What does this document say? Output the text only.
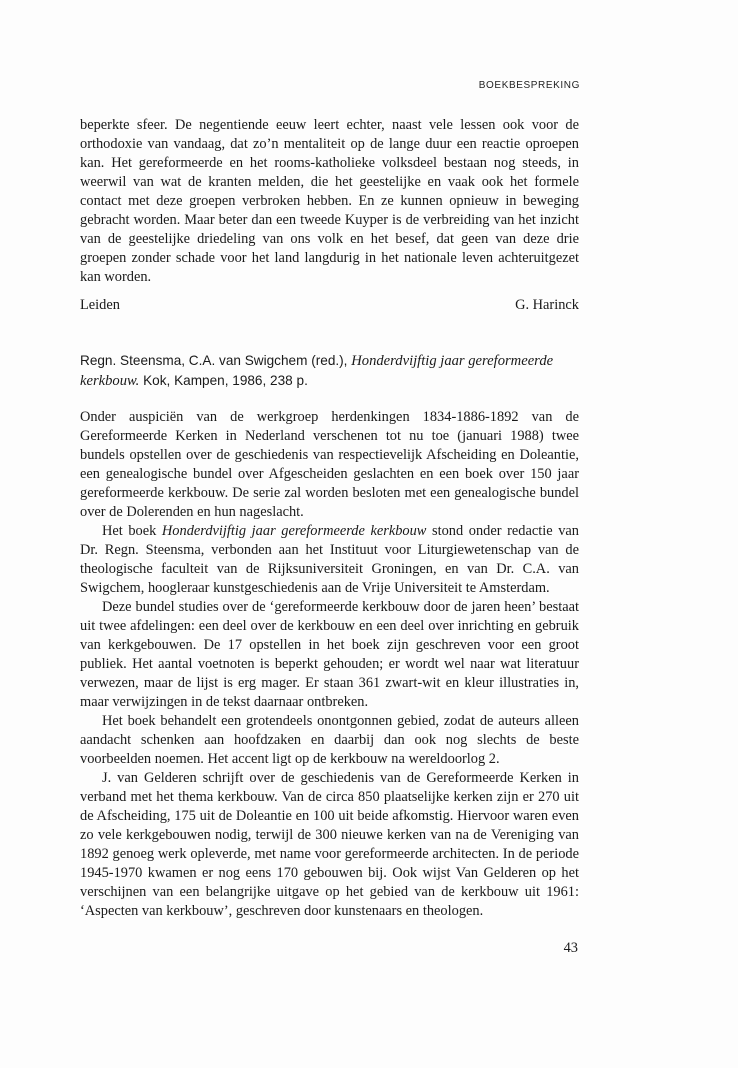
BOEKBESPREKING

beperkte sfeer. De negentiende eeuw leert echter, naast vele lessen ook voor de orthodoxie van vandaag, dat zo’n mentaliteit op de lange duur een reactie oproepen kan. Het gereformeerde en het rooms-katholieke volksdeel bestaan nog steeds, in weerwil van wat de kranten melden, die het geestelijke en vaak ook het formele contact met deze groepen verbroken hebben. En ze kunnen opnieuw in beweging gebracht worden. Maar beter dan een tweede Kuyper is de verbreiding van het inzicht van de geestelijke driedeling van ons volk en het besef, dat geen van deze drie groepen zonder schade voor het land langdurig in het nationale leven achteruitgezet kan worden.

Leiden	G. Harinck
Regn. Steensma, C.A. van Swigchem (red.), Honderdvijftig jaar gereformeerde kerkbouw. Kok, Kampen, 1986, 238 p.

Onder auspiciën van de werkgroep herdenkingen 1834-1886-1892 van de Gereformeerde Kerken in Nederland verschenen tot nu toe (januari 1988) twee bundels opstellen over de geschiedenis van respectievelijk Afscheiding en Doleantie, een genealogische bundel over Afgescheiden geslachten en een boek over 150 jaar gereformeerde kerkbouw. De serie zal worden besloten met een genealogische bundel over de Dolerenden en hun nageslacht.

Het boek Honderdvijftig jaar gereformeerde kerkbouw stond onder redactie van Dr. Regn. Steensma, verbonden aan het Instituut voor Liturgiewetenschap van de theologische faculteit van de Rijksuniversiteit Groningen, en van Dr. C.A. van Swigchem, hoogleraar kunstgeschiedenis aan de Vrije Universiteit te Amsterdam.

Deze bundel studies over de ‘gereformeerde kerkbouw door de jaren heen’ bestaat uit twee afdelingen: een deel over de kerkbouw en een deel over inrichting en gebruik van kerkgebouwen. De 17 opstellen in het boek zijn geschreven voor een groot publiek. Het aantal voetnoten is beperkt gehouden; er wordt wel naar wat literatuur verwezen, maar de lijst is erg mager. Er staan 361 zwart-wit en kleur illustraties in, maar verwijzingen in de tekst daarnaar ontbreken.

Het boek behandelt een grotendeels onontgonnen gebied, zodat de auteurs alleen aandacht schenken aan hoofdzaken en daarbij dan ook nog slechts de beste voorbeelden noemen. Het accent ligt op de kerkbouw na wereldoorlog 2.

J. van Gelderen schrijft over de geschiedenis van de Gereformeerde Kerken in verband met het thema kerkbouw. Van de circa 850 plaatselijke kerken zijn er 270 uit de Afscheiding, 175 uit de Doleantie en 100 uit beide afkomstig. Hiervoor waren even zo vele kerkgebouwen nodig, terwijl de 300 nieuwe kerken van na de Vereniging van 1892 genoeg werk opleverde, met name voor gereformeerde architecten. In de periode 1945-1970 kwamen er nog eens 170 gebouwen bij. Ook wijst Van Gelderen op het verschijnen van een belangrijke uitgave op het gebied van de kerkbouw uit 1961: ‘Aspecten van kerkbouw’, geschreven door kunstenaars en theologen.

43
